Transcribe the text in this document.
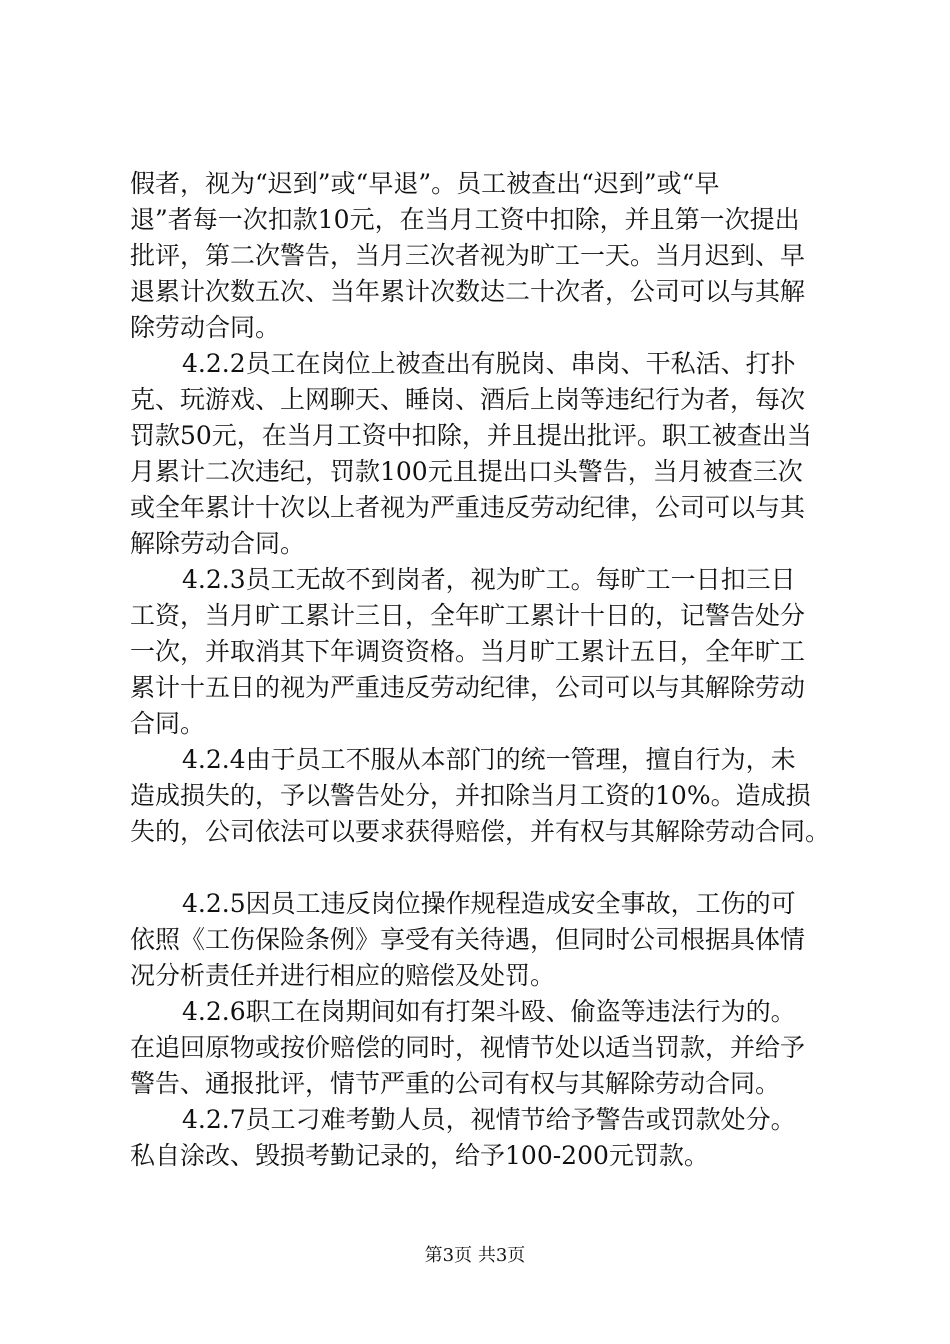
假者，视为“迟到”或“早退”。员工被查出“迟到”或“早
退”者每一次扣款10元，在当月工资中扣除，并且第一次提出
批评，第二次警告，当月三次者视为旷工一天。当月迟到、早
退累计次数五次、当年累计次数达二十次者，公司可以与其解
除劳动合同。
4.2.2员工在岗位上被查出有脱岗、串岗、干私活、打扑
克、玩游戏、上网聊天、睡岗、酒后上岗等违纪行为者，每次
罚款50元，在当月工资中扣除，并且提出批评。职工被查出当
月累计二次违纪，罚款100元且提出口头警告，当月被查三次
或全年累计十次以上者视为严重违反劳动纪律，公司可以与其
解除劳动合同。
4.2.3员工无故不到岗者，视为旷工。每旷工一日扣三日
工资，当月旷工累计三日，全年旷工累计十日的，记警告处分
一次，并取消其下年调资资格。当月旷工累计五日，全年旷工
累计十五日的视为严重违反劳动纪律，公司可以与其解除劳动
合同。
4.2.4由于员工不服从本部门的统一管理，擅自行为，未
造成损失的，予以警告处分，并扣除当月工资的10%。造成损
失的，公司依法可以要求获得赔偿，并有权与其解除劳动合同。
4.2.5因员工违反岗位操作规程造成安全事故，工伤的可
依照《工伤保险条例》享受有关待遇，但同时公司根据具体情
况分析责任并进行相应的赔偿及处罚。
4.2.6职工在岗期间如有打架斗殴、偷盗等违法行为的。
在追回原物或按价赔偿的同时，视情节处以适当罚款，并给予
警告、通报批评，情节严重的公司有权与其解除劳动合同。
4.2.7员工刁难考勤人员，视情节给予警告或罚款处分。
私自涂改、毁损考勤记录的，给予100-200元罚款。
第3页 共3页
